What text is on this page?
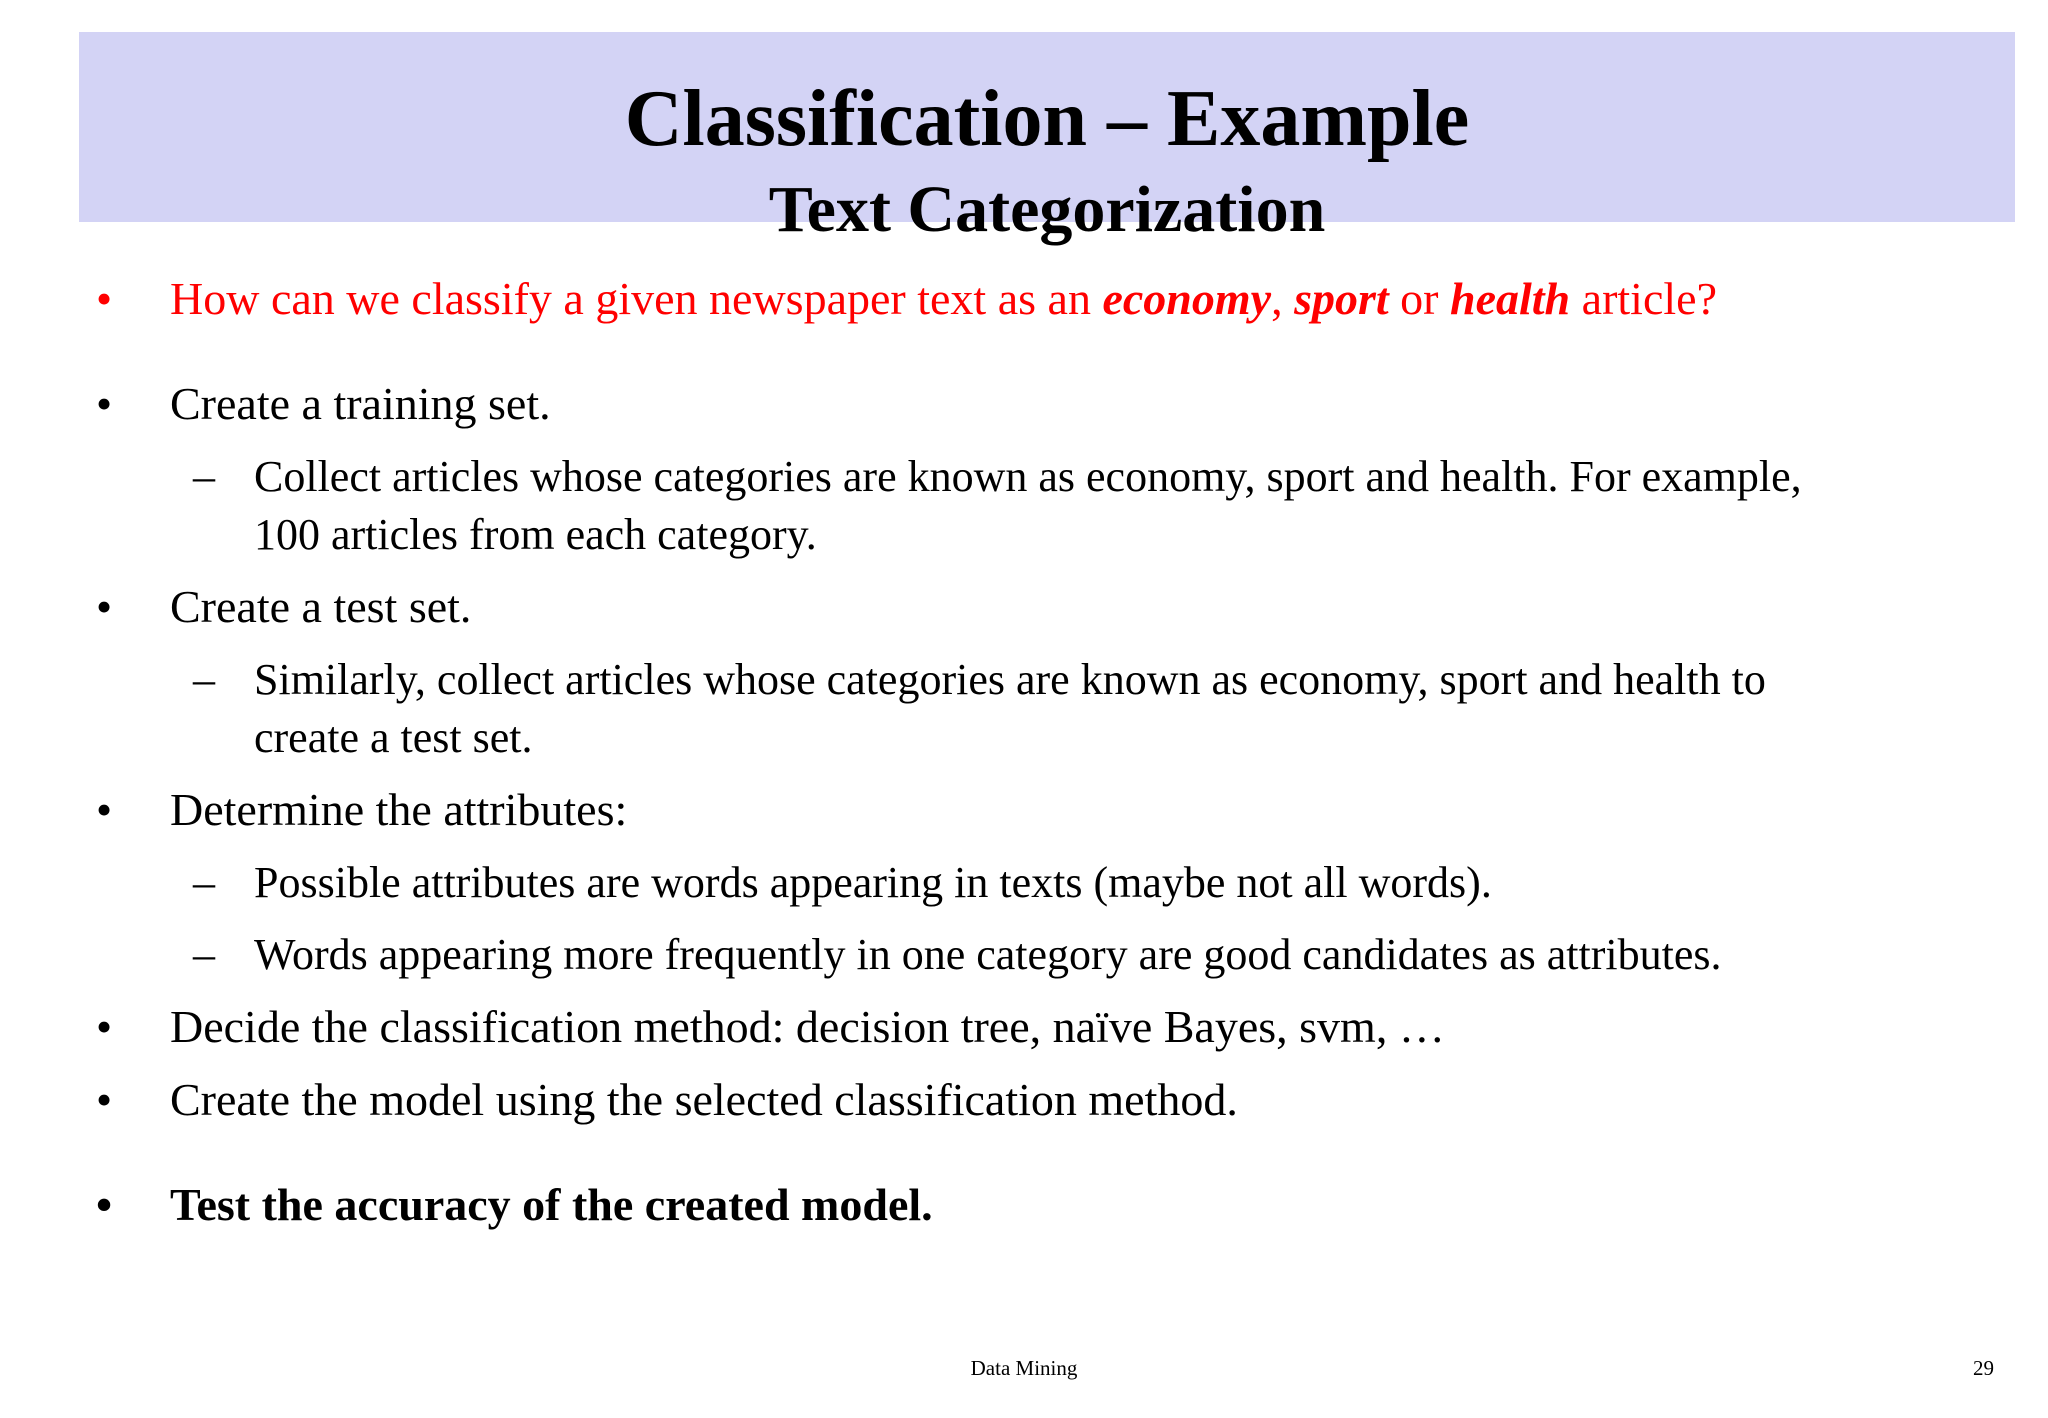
Classification – Example
Text Categorization
• How can we classify a given newspaper text as an economy, sport or health article?
• Create a training set.
– Collect articles whose categories are known as economy, sport and health. For example,
100 articles from each category.
• Create a test set.
– Similarly, collect articles whose categories are known as economy, sport and health to
create a test set.
• Determine the attributes:
– Possible attributes are words appearing in texts (maybe not all words).
– Words appearing more frequently in one category are good candidates as attributes.
• Decide the classification method: decision tree, naïve Bayes, svm, …
• Create the model using the selected classification method.
• Test the accuracy of the created model.
Data Mining	29
